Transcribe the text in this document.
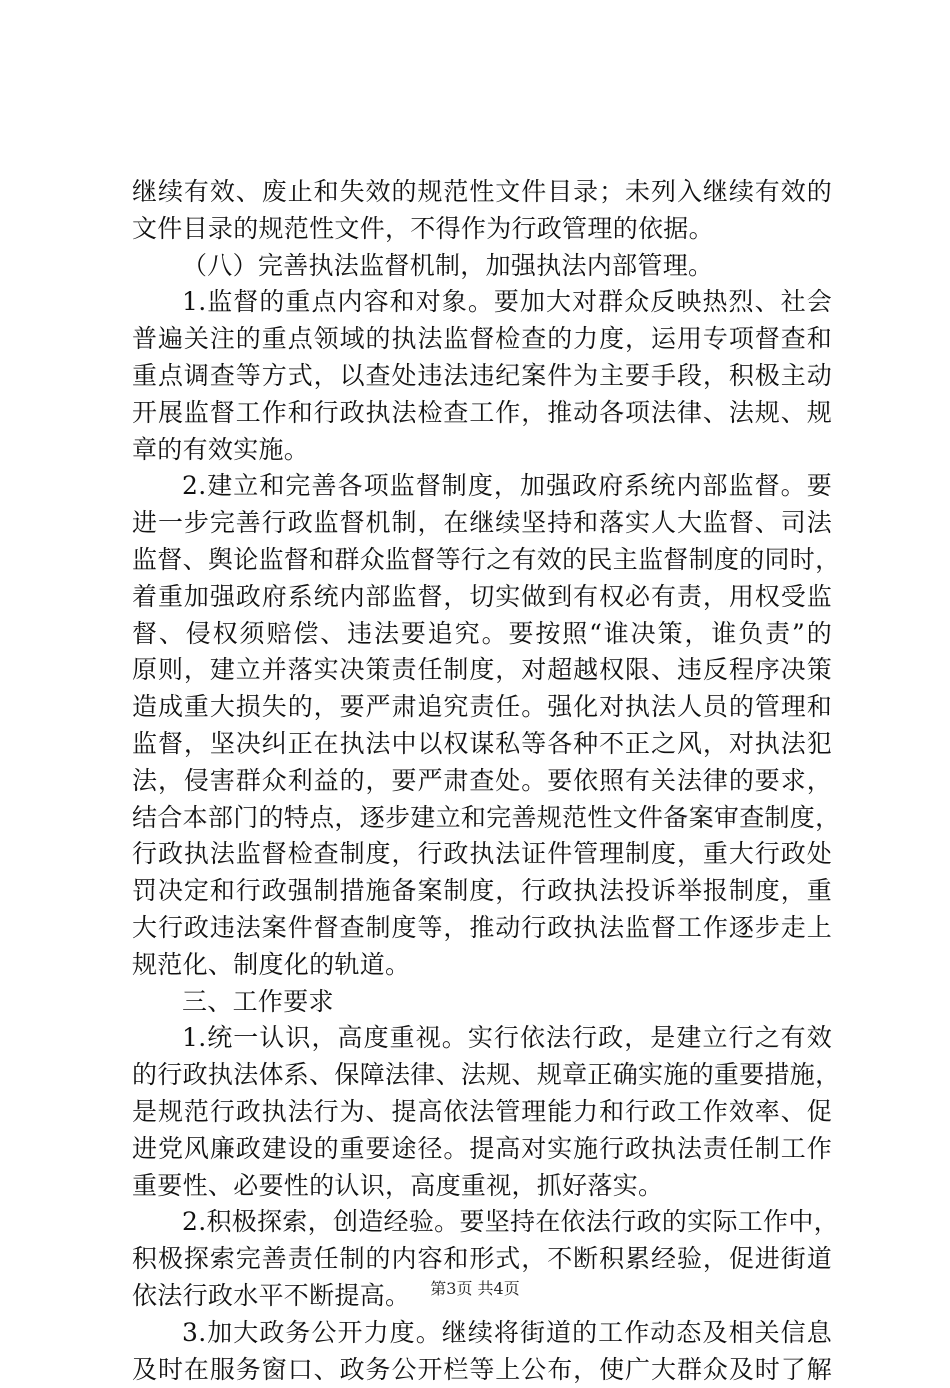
继续有效、废止和失效的规范性文件目录；未列入继续有效的
文件目录的规范性文件，不得作为行政管理的依据。
（八）完善执法监督机制，加强执法内部管理。
1.监督的重点内容和对象。要加大对群众反映热烈、社会
普遍关注的重点领域的执法监督检查的力度，运用专项督查和
重点调查等方式，以查处违法违纪案件为主要手段，积极主动
开展监督工作和行政执法检查工作，推动各项法律、法规、规
章的有效实施。
2.建立和完善各项监督制度，加强政府系统内部监督。要
进一步完善行政监督机制，在继续坚持和落实人大监督、司法
监督、舆论监督和群众监督等行之有效的民主监督制度的同时，
着重加强政府系统内部监督，切实做到有权必有责，用权受监
督、侵权须赔偿、违法要追究。要按照“谁决策，谁负责”的
原则，建立并落实决策责任制度，对超越权限、违反程序决策
造成重大损失的，要严肃追究责任。强化对执法人员的管理和
监督，坚决纠正在执法中以权谋私等各种不正之风，对执法犯
法，侵害群众利益的，要严肃查处。要依照有关法律的要求，
结合本部门的特点，逐步建立和完善规范性文件备案审查制度，
行政执法监督检查制度，行政执法证件管理制度，重大行政处
罚决定和行政强制措施备案制度，行政执法投诉举报制度，重
大行政违法案件督查制度等，推动行政执法监督工作逐步走上
规范化、制度化的轨道。
三、工作要求
1.统一认识，高度重视。实行依法行政，是建立行之有效
的行政执法体系、保障法律、法规、规章正确实施的重要措施，
是规范行政执法行为、提高依法管理能力和行政工作效率、促
进党风廉政建设的重要途径。提高对实施行政执法责任制工作
重要性、必要性的认识，高度重视，抓好落实。
2.积极探索，创造经验。要坚持在依法行政的实际工作中，
积极探索完善责任制的内容和形式，不断积累经验，促进街道
依法行政水平不断提高。
3.加大政务公开力度。继续将街道的工作动态及相关信息
及时在服务窗口、政务公开栏等上公布，使广大群众及时了解
第3页 共4页
